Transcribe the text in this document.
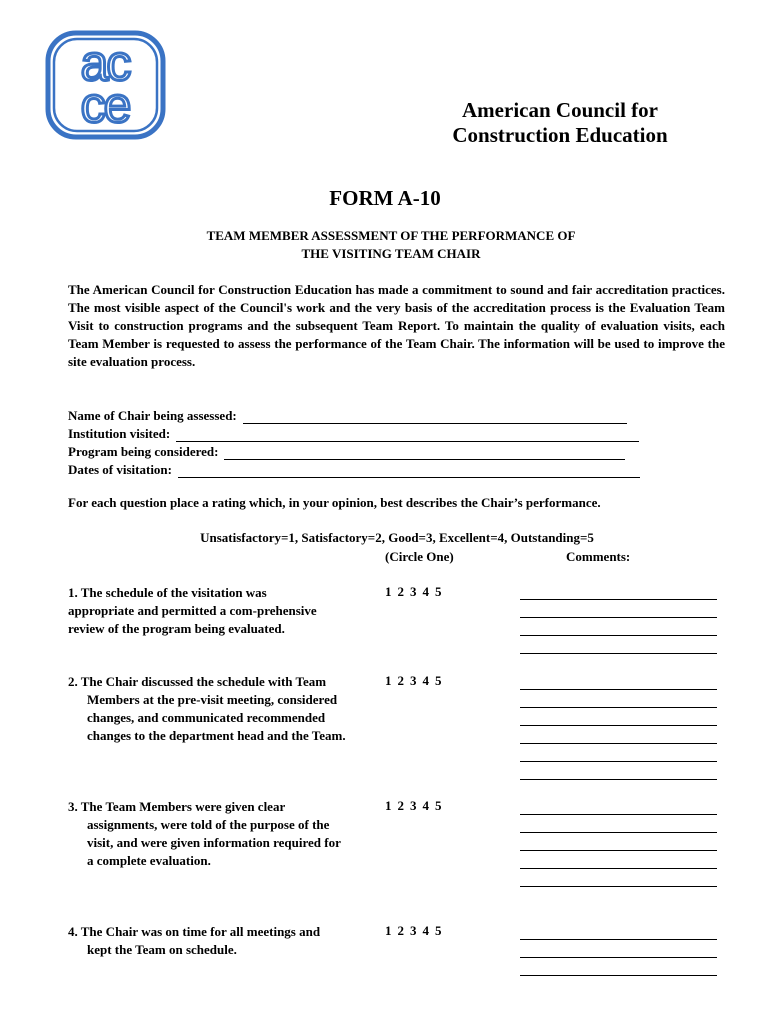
ac
ce	American Council for
Construction Education
FORM A-10
TEAM MEMBER ASSESSMENT OF THE PERFORMANCE OF
THE VISITING TEAM CHAIR

The American Council for Construction Education has made a commitment to sound and fair accreditation practices. The most visible aspect of the Council's work and the very basis of the accreditation process is the Evaluation Team Visit to construction programs and the subsequent Team Report. To maintain the quality of evaluation visits, each Team Member is requested to assess the performance of the Team Chair. The information will be used to improve the site evaluation process.

Name of Chair being assessed:
Institution visited:
Program being considered:
Dates of visitation:
For each question place a rating which, in your opinion, best describes the Chair’s performance.
Unsatisfactory=1, Satisfactory=2, Good=3, Excellent=4, Outstanding=5
(Circle One)	Comments:
1. The schedule of the visitation was appropriate and permitted a com-prehensive review of the program being evaluated.
1 2 3 4 5
2. The Chair discussed the schedule with Team Members at the pre-visit meeting, considered changes, and communicated recommended changes to the department head and the Team.
1 2 3 4 5
3. The Team Members were given clear assignments, were told of the purpose of the visit, and were given information required for a complete evaluation.
1 2 3 4 5
4. The Chair was on time for all meetings and kept the Team on schedule.
1 2 3 4 5
